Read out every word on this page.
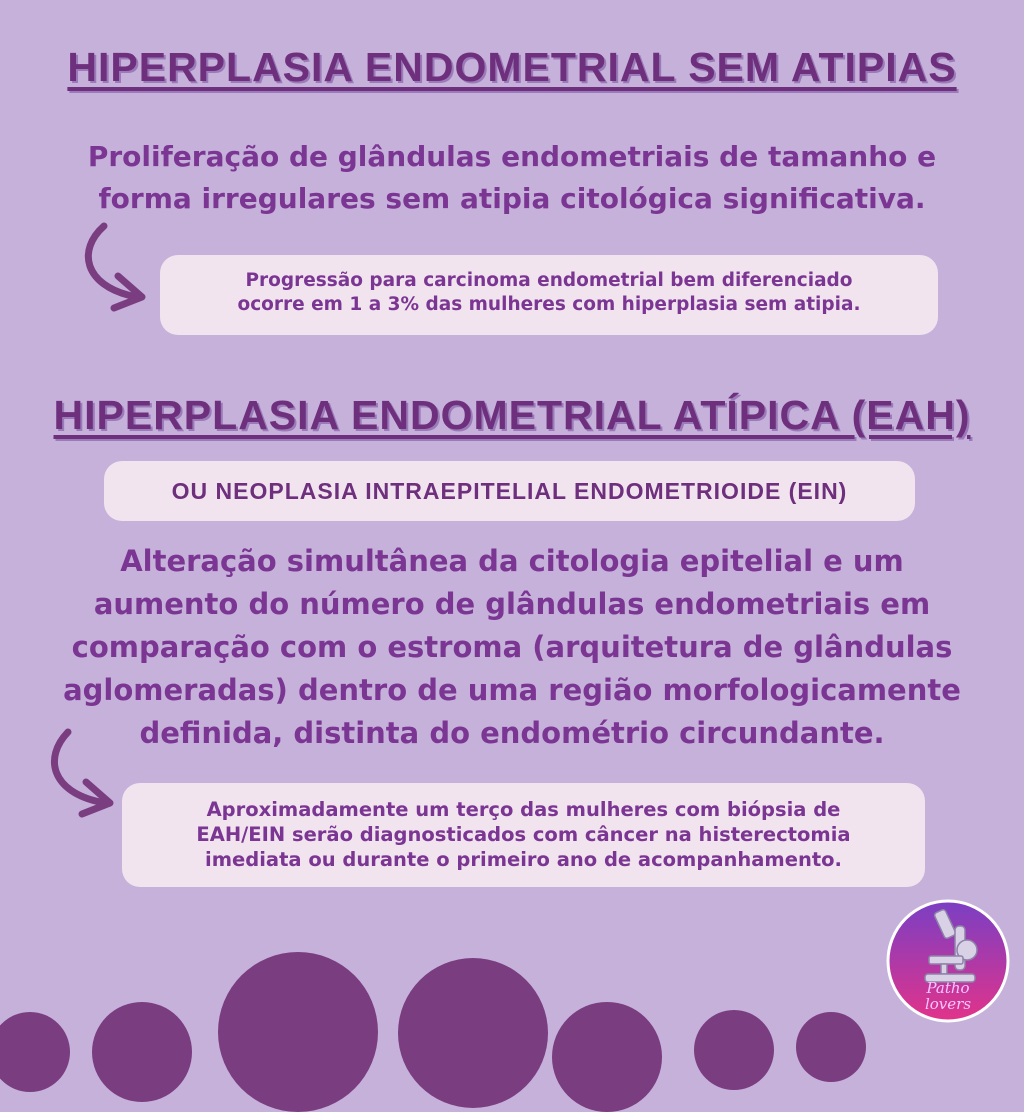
HIPERPLASIA ENDOMETRIAL SEM ATIPIAS
Proliferação de glândulas endometriais de tamanho e
forma irregulares sem atipia citológica significativa.
Progressão para carcinoma endometrial bem diferenciado
ocorre em 1 a 3% das mulheres com hiperplasia sem atipia.
HIPERPLASIA ENDOMETRIAL ATÍPICA (EAH)
OU NEOPLASIA INTRAEPITELIAL ENDOMETRIOIDE (EIN)
Alteração simultânea da citologia epitelial e um
aumento do número de glândulas endometriais em
comparação com o estroma (arquitetura de glândulas
aglomeradas) dentro de uma região morfologicamente
definida, distinta do endométrio circundante.
Aproximadamente um terço das mulheres com biópsia de
EAH/EIN serão diagnosticados com câncer na histerectomia
imediata ou durante o primeiro ano de acompanhamento.
Patho
lovers
